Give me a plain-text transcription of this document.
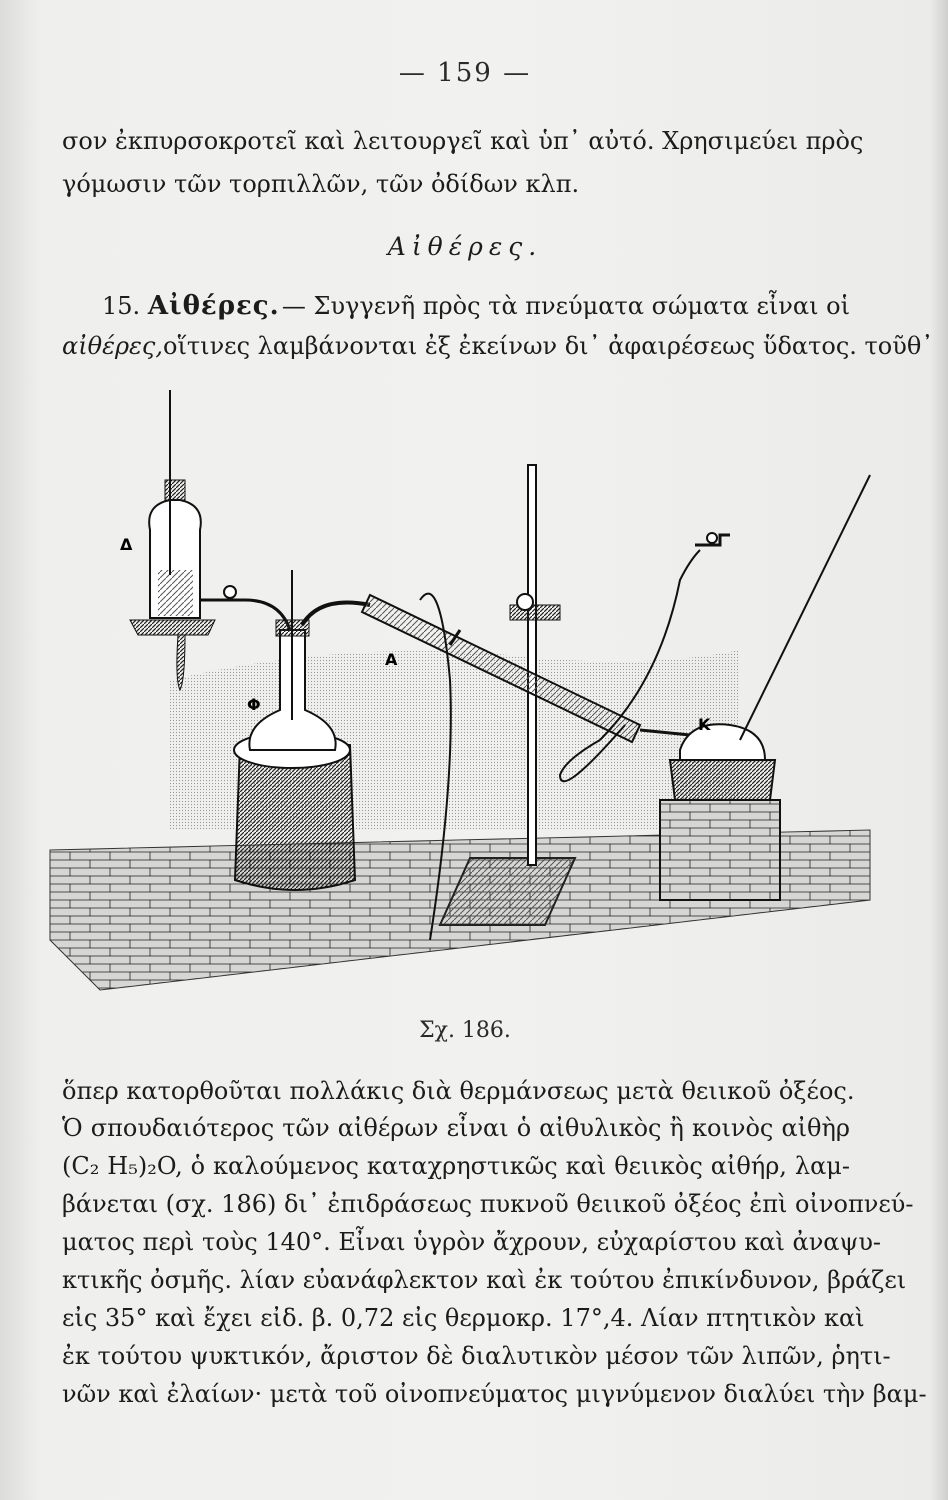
— 159 —
σον ἐκπυρσοκροτεῖ καὶ λειτουργεῖ καὶ ὑπ᾿ αὐτό. Χρησιμεύει πρὸς
γόμωσιν τῶν τορπιλλῶν, τῶν ὀδίδων κλπ.
Αἰθέρες.
15. Αἰθέρες. — Συγγενῆ πρὸς τὰ πνεύματα σώματα εἶναι οἱ
αἰθέρες, οἵτινες λαμβάνονται ἐξ ἐκείνων δι᾿ ἀφαιρέσεως ὕδατος. τοῦθ᾿
Δ
Φ
Α
Κ
Σχ. 186.
ὅπερ κατορθοῦται πολλάκις διὰ θερμάνσεως μετὰ θειικοῦ ὀξέος.
Ὁ σπουδαιότερος τῶν αἰθέρων εἶναι ὁ αἰθυλικὸς ἢ κοινὸς αἰθὴρ
(C₂ H₅)₂O, ὁ καλούμενος καταχρηστικῶς καὶ θειικὸς αἰθήρ, λαμ-
βάνεται (σχ. 186) δι᾿ ἐπιδράσεως πυκνοῦ θειικοῦ ὀξέος ἐπὶ οἰνοπνεύ-
ματος περὶ τοὺς 140°. Εἶναι ὑγρὸν ἄχρουν, εὐχαρίστου καὶ ἀναψυ-
κτικῆς ὀσμῆς. λίαν εὐανάφλεκτον καὶ ἐκ τούτου ἐπικίνδυνον, βράζει
εἰς 35° καὶ ἔχει εἰδ. β. 0,72 εἰς θερμοκρ. 17°,4. Λίαν πτητικὸν καὶ
ἐκ τούτου ψυκτικόν, ἄριστον δὲ διαλυτικὸν μέσον τῶν λιπῶν, ῥητι-
νῶν καὶ ἐλαίων· μετὰ τοῦ οἰνοπνεύματος μιγνύμενον διαλύει τὴν βαμ-
